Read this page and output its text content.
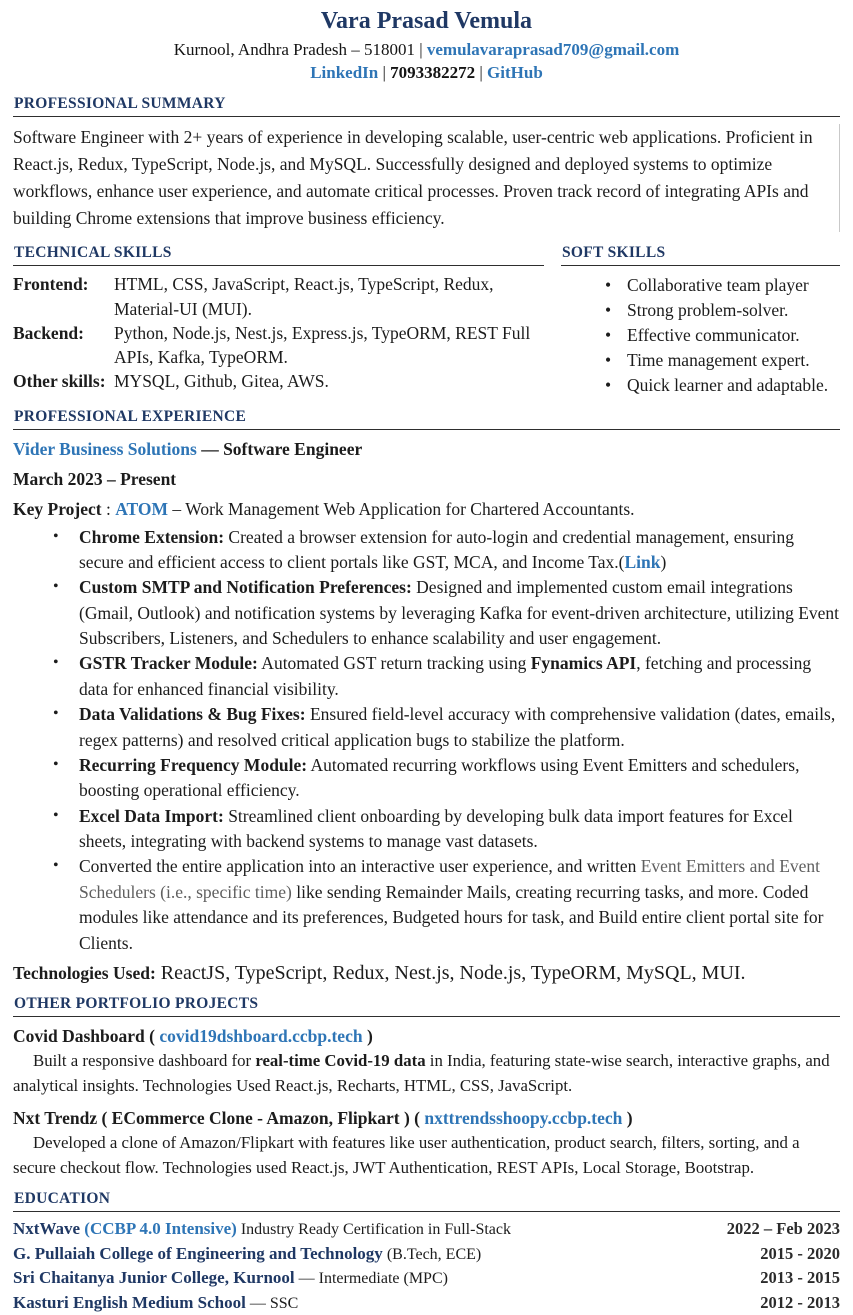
Vara Prasad Vemula
Kurnool, Andhra Pradesh – 518001 | vemulavaraprasad709@gmail.com
LinkedIn | 7093382272 | GitHub
PROFESSIONAL SUMMARY
Software Engineer with 2+ years of experience in developing scalable, user-centric web applications. Proficient in React.js, Redux, TypeScript, Node.js, and MySQL. Successfully designed and deployed systems to optimize workflows, enhance user experience, and automate critical processes. Proven track record of integrating APIs and building Chrome extensions that improve business efficiency.
TECHNICAL SKILLS
Frontend:	HTML, CSS, JavaScript, React.js, TypeScript, Redux, Material-UI (MUI).
Backend:	Python, Node.js, Nest.js, Express.js, TypeORM, REST Full APIs, Kafka, TypeORM.
Other skills: MYSQL, Github, Gitea, AWS.
SOFT SKILLS
• Collaborative team player
• Strong problem-solver.
• Effective communicator.
• Time management expert.
• Quick learner and adaptable.
PROFESSIONAL EXPERIENCE
Vider Business Solutions — Software Engineer
March 2023 – Present
Key Project : ATOM – Work Management Web Application for Chartered Accountants.
• Chrome Extension: Created a browser extension for auto-login and credential management, ensuring secure and efficient access to client portals like GST, MCA, and Income Tax.(Link)
• Custom SMTP and Notification Preferences: Designed and implemented custom email integrations (Gmail, Outlook) and notification systems by leveraging Kafka for event-driven architecture, utilizing Event Subscribers, Listeners, and Schedulers to enhance scalability and user engagement.
• GSTR Tracker Module: Automated GST return tracking using Fynamics API, fetching and processing data for enhanced financial visibility.
• Data Validations & Bug Fixes: Ensured field-level accuracy with comprehensive validation (dates, emails, regex patterns) and resolved critical application bugs to stabilize the platform.
• Recurring Frequency Module: Automated recurring workflows using Event Emitters and schedulers, boosting operational efficiency.
• Excel Data Import: Streamlined client onboarding by developing bulk data import features for Excel sheets, integrating with backend systems to manage vast datasets.
• Converted the entire application into an interactive user experience, and written Event Emitters and Event Schedulers (i.e., specific time) like sending Remainder Mails, creating recurring tasks, and more. Coded modules like attendance and its preferences, Budgeted hours for task, and Build entire client portal site for Clients.
Technologies Used: ReactJS, TypeScript, Redux, Nest.js, Node.js, TypeORM, MySQL, MUI.
OTHER PORTFOLIO PROJECTS
Covid Dashboard ( covid19dshboard.ccbp.tech )
Built a responsive dashboard for real-time Covid-19 data in India, featuring state-wise search, interactive graphs, and analytical insights. Technologies Used React.js, Recharts, HTML, CSS, JavaScript.
Nxt Trendz ( ECommerce Clone - Amazon, Flipkart ) ( nxttrendsshoopy.ccbp.tech )
Developed a clone of Amazon/Flipkart with features like user authentication, product search, filters, sorting, and a secure checkout flow. Technologies used React.js, JWT Authentication, REST APIs, Local Storage, Bootstrap.
EDUCATION
NxtWave (CCBP 4.0 Intensive) Industry Ready Certification in Full-Stack	2022 – Feb 2023
G. Pullaiah College of Engineering and Technology (B.Tech, ECE)	2015 - 2020
Sri Chaitanya Junior College, Kurnool — Intermediate (MPC)	2013 - 2015
Kasturi English Medium School — SSC	2012 - 2013
